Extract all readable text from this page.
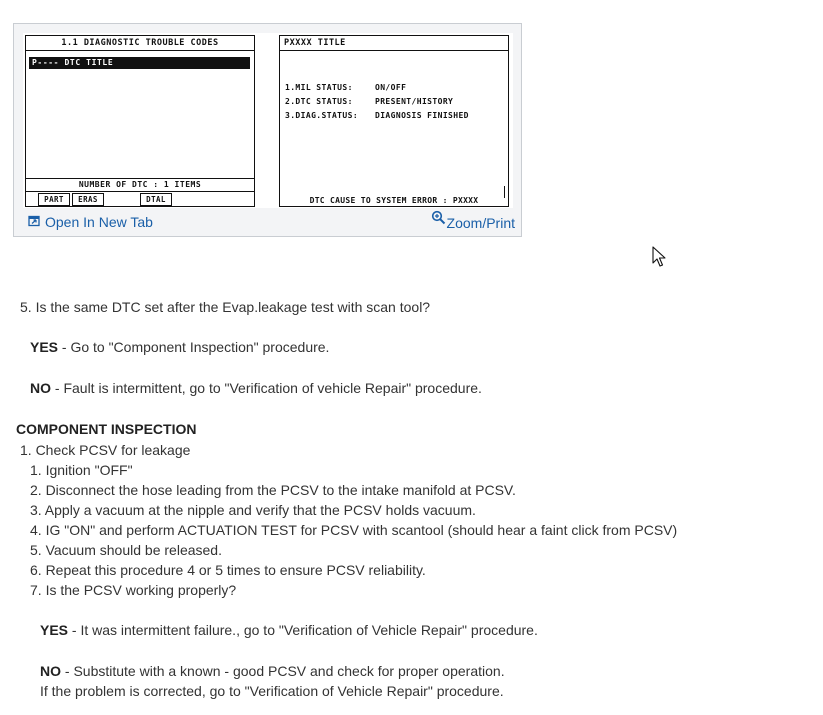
1.1 DIAGNOSTIC TROUBLE CODES
P---- DTC TITLE
NUMBER OF DTC : 1 ITEMS
PART	ERAS	DTAL
PXXXX TITLE
1.MIL STATUS:	ON/OFF
2.DTC STATUS:	PRESENT/HISTORY
3.DIAG.STATUS: DIAGNOSIS FINISHED
DTC CAUSE TO SYSTEM ERROR : PXXXX
Open In New Tab	Zoom/Print
5. Is the same DTC set after the Evap.leakage test with scan tool?
YES - Go to "Component Inspection" procedure.
NO - Fault is intermittent, go to "Verification of vehicle Repair" procedure.
COMPONENT INSPECTION
1. Check PCSV for leakage
1. Ignition "OFF"
2. Disconnect the hose leading from the PCSV to the intake manifold at PCSV.
3. Apply a vacuum at the nipple and verify that the PCSV holds vacuum.
4. IG "ON" and perform ACTUATION TEST for PCSV with scantool (should hear a faint click from PCSV)
5. Vacuum should be released.
6. Repeat this procedure 4 or 5 times to ensure PCSV reliability.
7. Is the PCSV working properly?
YES - It was intermittent failure., go to "Verification of Vehicle Repair" procedure.
NO - Substitute with a known - good PCSV and check for proper operation.
If the problem is corrected, go to "Verification of Vehicle Repair" procedure.
